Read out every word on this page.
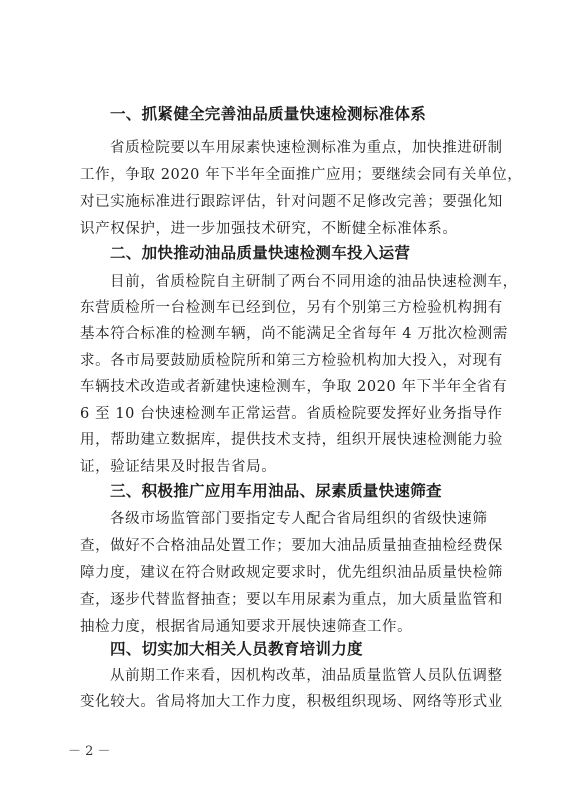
一、抓紧健全完善油品质量快速检测标准体系
省质检院要以车用尿素快速检测标准为重点，加快推进研制
工作，争取 2020 年下半年全面推广应用；要继续会同有关单位，
对已实施标准进行跟踪评估，针对问题不足修改完善；要强化知
识产权保护，进一步加强技术研究，不断健全标准体系。
二、加快推动油品质量快速检测车投入运营
目前，省质检院自主研制了两台不同用途的油品快速检测车，
东营质检所一台检测车已经到位，另有个别第三方检验机构拥有
基本符合标准的检测车辆，尚不能满足全省每年 4 万批次检测需
求。各市局要鼓励质检院所和第三方检验机构加大投入，对现有
车辆技术改造或者新建快速检测车，争取 2020 年下半年全省有
6 至 10 台快速检测车正常运营。省质检院要发挥好业务指导作
用，帮助建立数据库，提供技术支持，组织开展快速检测能力验
证，验证结果及时报告省局。
三、积极推广应用车用油品、尿素质量快速筛查
各级市场监管部门要指定专人配合省局组织的省级快速筛
查，做好不合格油品处置工作；要加大油品质量抽查抽检经费保
障力度，建议在符合财政规定要求时，优先组织油品质量快检筛
查，逐步代替监督抽查；要以车用尿素为重点，加大质量监管和
抽检力度，根据省局通知要求开展快速筛查工作。
四、切实加大相关人员教育培训力度
从前期工作来看，因机构改革，油品质量监管人员队伍调整
变化较大。省局将加大工作力度，积极组织现场、网络等形式业
－ 2 －
